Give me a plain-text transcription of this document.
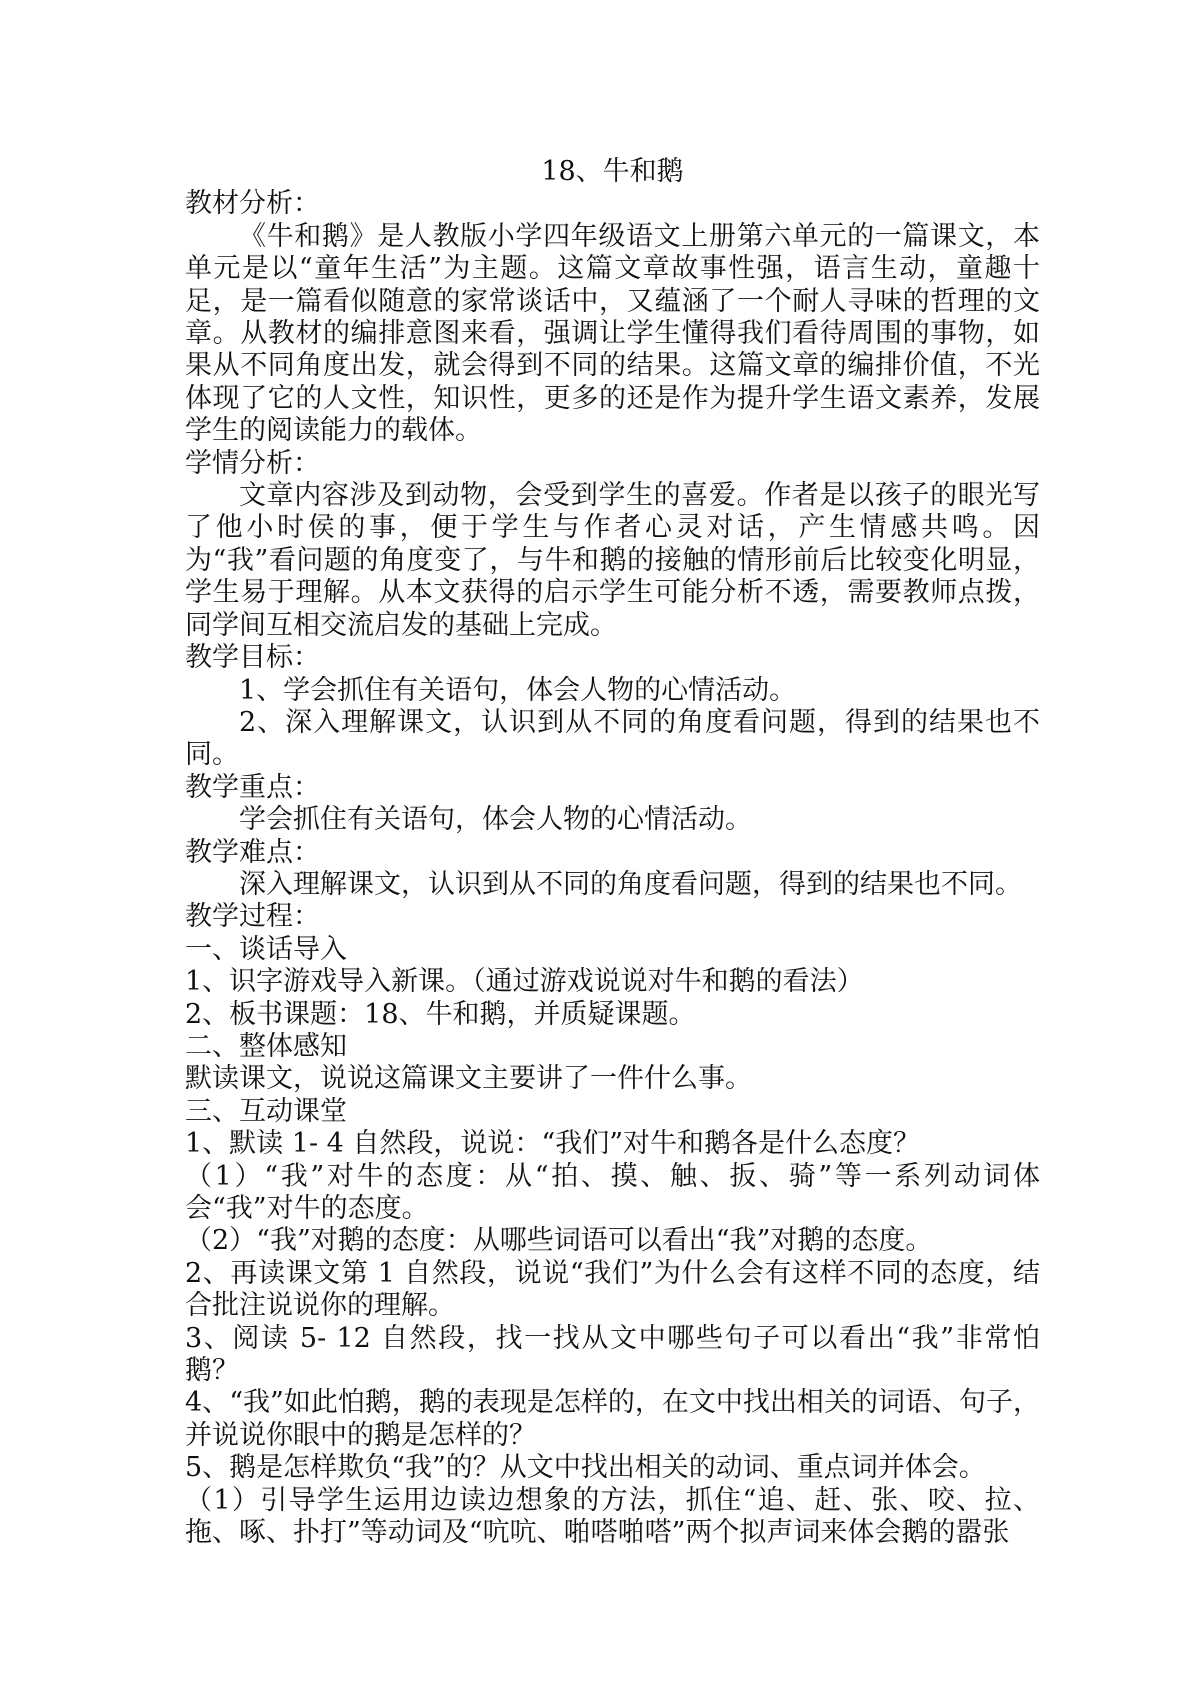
18、牛和鹅

教材分析：

《牛和鹅》是人教版小学四年级语文上册第六单元的一篇课文，本单元是以“童年生活”为主题。这篇文章故事性强，语言生动，童趣十足，是一篇看似随意的家常谈话中，又蕴涵了一个耐人寻味的哲理的文章。从教材的编排意图来看，强调让学生懂得我们看待周围的事物，如果从不同角度出发，就会得到不同的结果。这篇文章的编排价值，不光体现了它的人文性，知识性，更多的还是作为提升学生语文素养，发展学生的阅读能力的载体。

学情分析：

文章内容涉及到动物，会受到学生的喜爱。作者是以孩子的眼光写了他小时侯的事，便于学生与作者心灵对话，产生情感共鸣。因为“我”看问题的角度变了，与牛和鹅的接触的情形前后比较变化明显，学生易于理解。从本文获得的启示学生可能分析不透，需要教师点拨，同学间互相交流启发的基础上完成。

教学目标：

1、学会抓住有关语句，体会人物的心情活动。

2、深入理解课文，认识到从不同的角度看问题，得到的结果也不同。

教学重点：

学会抓住有关语句，体会人物的心情活动。

教学难点：

深入理解课文，认识到从不同的角度看问题，得到的结果也不同。

教学过程：

一、谈话导入

1、识字游戏导入新课。（通过游戏说说对牛和鹅的看法）

2、板书课题：18、牛和鹅，并质疑课题。

二、整体感知

默读课文，说说这篇课文主要讲了一件什么事。

三、互动课堂

1、默读 1- 4 自然段，说说：“我们”对牛和鹅各是什么态度？

（1）“我”对牛的态度：从“拍、摸、触、扳、骑”等一系列动词体会“我”对牛的态度。

（2）“我”对鹅的态度：从哪些词语可以看出“我”对鹅的态度。

2、再读课文第 1 自然段，说说“我们”为什么会有这样不同的态度，结合批注说说你的理解。

3、阅读 5- 12 自然段，找一找从文中哪些句子可以看出“我”非常怕鹅？

4、“我”如此怕鹅，鹅的表现是怎样的，在文中找出相关的词语、句子，并说说你眼中的鹅是怎样的？

5、鹅是怎样欺负“我”的？从文中找出相关的动词、重点词并体会。

（1）引导学生运用边读边想象的方法，抓住“追、赶、张、咬、拉、拖、啄、扑打”等动词及“吭吭、啪嗒啪嗒”两个拟声词来体会鹅的嚣张
